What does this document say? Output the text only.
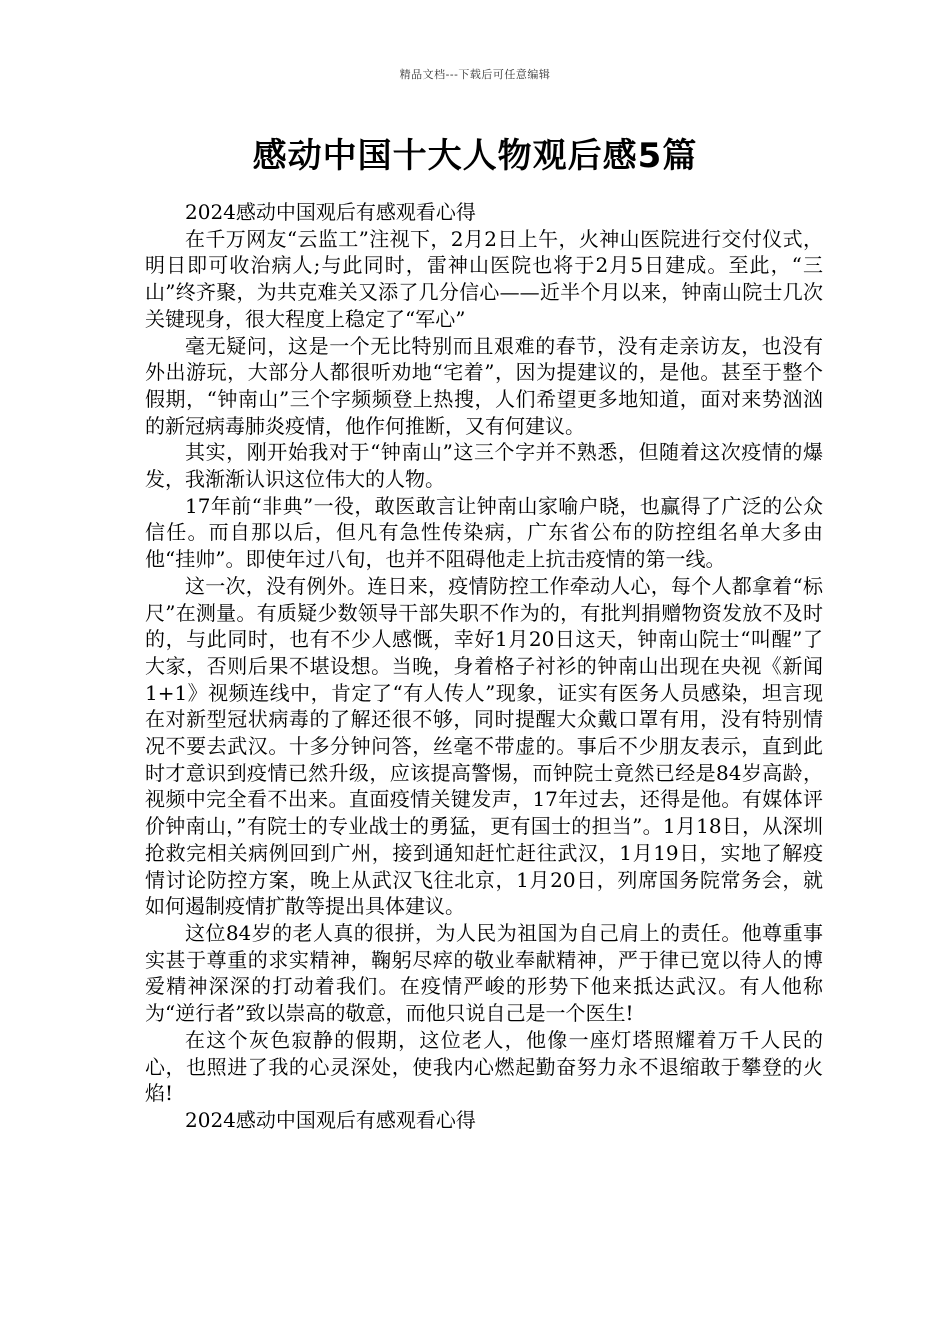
精品文档---下载后可任意编辑
感动中国十大人物观后感5篇

2024感动中国观后有感观看心得

在千万网友“云监工”注视下，2月2日上午，火神山医院进行交付仪式，明日即可收治病人;与此同时，雷神山医院也将于2月5日建成。至此，“三山”终齐聚，为共克难关又添了几分信心——近半个月以来，钟南山院士几次关键现身，很大程度上稳定了“军心”

毫无疑问，这是一个无比特别而且艰难的春节，没有走亲访友，也没有外出游玩，大部分人都很听劝地“宅着”，因为提建议的，是他。甚至于整个假期，“钟南山”三个字频频登上热搜，人们希望更多地知道，面对来势汹汹的新冠病毒肺炎疫情，他作何推断，又有何建议。

其实，刚开始我对于“钟南山”这三个字并不熟悉，但随着这次疫情的爆发，我渐渐认识这位伟大的人物。

17年前“非典”一役，敢医敢言让钟南山家喻户晓，也赢得了广泛的公众信任。而自那以后，但凡有急性传染病，广东省公布的防控组名单大多由他“挂帅”。即使年过八旬，也并不阻碍他走上抗击疫情的第一线。

这一次，没有例外。连日来，疫情防控工作牵动人心，每个人都拿着“标尺”在测量。有质疑少数领导干部失职不作为的，有批判捐赠物资发放不及时的，与此同时，也有不少人感慨，幸好1月20日这天，钟南山院士“叫醒”了大家，否则后果不堪设想。当晚，身着格子衬衫的钟南山出现在央视《新闻1+1》视频连线中，肯定了“有人传人”现象，证实有医务人员感染，坦言现在对新型冠状病毒的了解还很不够，同时提醒大众戴口罩有用，没有特别情况不要去武汉。十多分钟问答，丝毫不带虚的。事后不少朋友表示，直到此时才意识到疫情已然升级，应该提高警惕，而钟院士竟然已经是84岁高龄，视频中完全看不出来。直面疫情关键发声，17年过去，还得是他。有媒体评价钟南山，”有院士的专业战士的勇猛，更有国士的担当”。1月18日，从深圳抢救完相关病例回到广州，接到通知赶忙赶往武汉，1月19日，实地了解疫情讨论防控方案，晚上从武汉飞往北京，1月20日，列席国务院常务会，就如何遏制疫情扩散等提出具体建议。

这位84岁的老人真的很拼，为人民为祖国为自己肩上的责任。他尊重事实甚于尊重的求实精神，鞠躬尽瘁的敬业奉献精神，严于律已宽以待人的博爱精神深深的打动着我们。在疫情严峻的形势下他来抵达武汉。有人他称为“逆行者”致以崇高的敬意，而他只说自己是一个医生!

在这个灰色寂静的假期，这位老人，他像一座灯塔照耀着万千人民的心，也照进了我的心灵深处，使我内心燃起勤奋努力永不退缩敢于攀登的火焰!

2024感动中国观后有感观看心得
